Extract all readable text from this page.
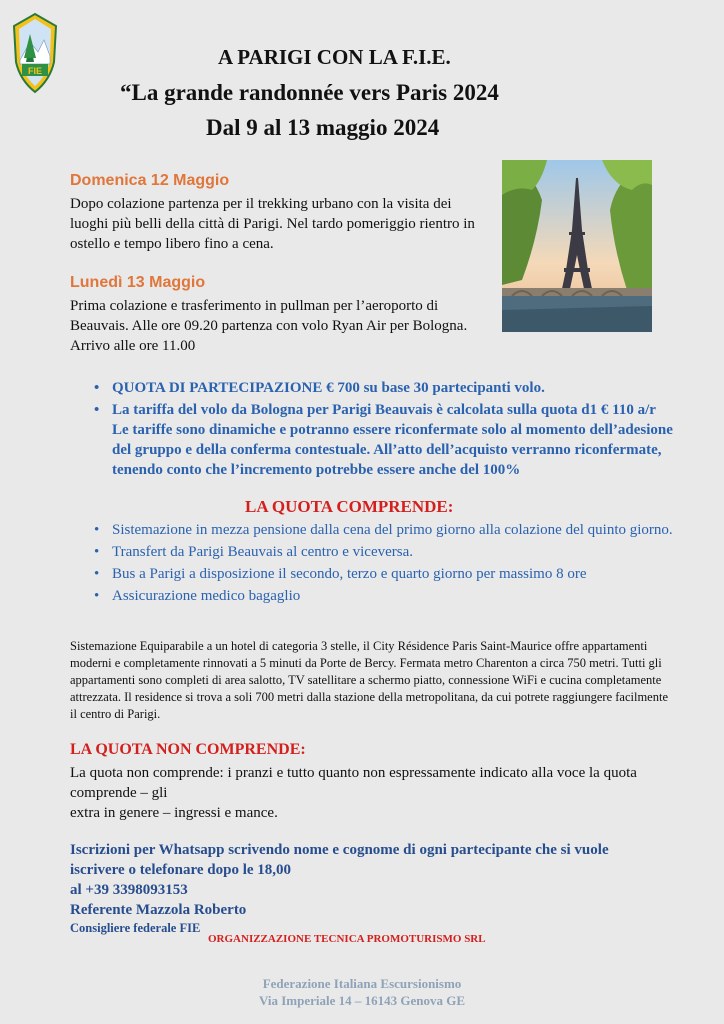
FIE
A PARIGI CON LA F.I.E.
“La grande randonnée vers Paris 2024
Dal 9 al 13 maggio 2024
Domenica 12 Maggio
Dopo colazione partenza per il trekking urbano con la visita dei luoghi più belli della città di Parigi. Nel tardo pomeriggio rientro in ostello e tempo libero fino a cena.
Lunedì 13 Maggio
Prima colazione e trasferimento in pullman per l’aeroporto di Beauvais. Alle ore 09.20 partenza con volo Ryan Air per Bologna. Arrivo alle ore 11.00
• QUOTA DI PARTECIPAZIONE € 700 su base 30 partecipanti volo.
• La tariffa del volo da Bologna per Parigi Beauvais è calcolata sulla quota d1 € 110 a/r Le tariffe sono dinamiche e potranno essere riconfermate solo al momento dell’adesione del gruppo e della conferma contestuale. All’atto dell’acquisto verranno riconfermate, tenendo conto che l’incremento potrebbe essere anche del 100%
LA QUOTA COMPRENDE:
• Sistemazione in mezza pensione dalla cena del primo giorno alla colazione del quinto giorno.
• Transfert da Parigi Beauvais al centro e viceversa.
• Bus a Parigi a disposizione il secondo, terzo e quarto giorno per massimo 8 ore
• Assicurazione medico bagaglio
Sistemazione Equiparabile a un hotel di categoria 3 stelle, il City Résidence Paris Saint-Maurice offre appartamenti moderni e completamente rinnovati a 5 minuti da Porte de Bercy. Fermata metro Charenton a circa 750 metri. Tutti gli appartamenti sono completi di area salotto, TV satellitare a schermo piatto, connessione WiFi e cucina completamente attrezzata. Il residence si trova a soli 700 metri dalla stazione della metropolitana, da cui potrete raggiungere facilmente il centro di Parigi.
LA QUOTA NON COMPRENDE:
La quota non comprende: i pranzi e tutto quanto non espressamente indicato alla voce la quota comprende – gli
extra in genere – ingressi e mance.
Iscrizioni per Whatsapp scrivendo nome e cognome di ogni partecipante che si vuole iscrivere o telefonare dopo le 18,00
al +39 3398093153
Referente Mazzola Roberto
Consigliere federale FIE
ORGANIZZAZIONE TECNICA PROMOTURISMO SRL
Federazione Italiana Escursionismo
Via Imperiale 14 – 16143 Genova GE
